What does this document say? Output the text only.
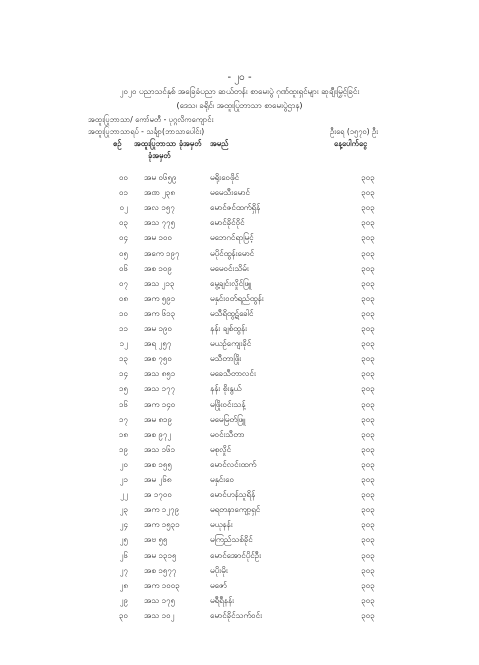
- ၂၀ -
၂၀၂၀ ပညာသင်နှစ် အခြေခံပညာ ဆယ်တန်း စာမေးပွဲ ဂုဏ်ထူးရှင်များ ဆုချီးမြှင့်ခြင်း
(ဒေသ၊ ခရိုင်၊ အထူးပြုဘာသာ စာမေးပွဲဌာန)
အထူးပြုဘာသာ/ ကော်မတီ - ပုဂ္ဂလိကကျောင်း
အထူးပြုဘာသာရပ် - သင်္ချာ(ဘာသာပေါင်း)	ဦးရေ (၁၅၇၀) ဦး
စဉ် အထူးပြုဘာသာ ခုံအမှတ်
ခုံအမှတ်
အမည်	နေ့ပေါက်ငွေ
၀၀ အမ ၀၆၅၉	မရိုးဝေဖိုင်	၃၀၃
၀၁ အဏ ၂၃၈	မမေသီးမောင်	၃၀၃
၀၂ အလ ၁၅၇	မောင်ဇင်ထက်ရှိန်	၃၀၃
၀၃ အသ ၇၇၅	မောင်ခိုင်ဝိုင်	၃၀၃
၀၄ အမ ၁၀၀	မဘေဂင်ရာမြင့်	၃၀၃
၀၅ အကေ ၁၉၇	မပိုင်ထွန်းမောင်	၃၀၃
၀၆ အစ ၁၀၉	မမေဝင်းသိမ်း	၃၀၃
၀၇ အသ ၂၁၃	မွေ့ချင်းလှိုင်ဖြူ	၃၀၃
၀၈ အက ၅၉၁	မနှင်းဝတ်ရည်ထွန်း	၃၀၃
၁၀ အက ၆၁၃	မသီရိထွဋ်ခေါင်	၃၀၃
၁၁ အမ ၁၉၀	နန်း ချစ်ထွန်း	၃၀၃
၁၂ အရ ၂၅၇	မယဉ်ကျေးခိုင်	၃၀၃
၁၃ အစ ၇၅၀	မသီတာဖြိုး	၃၀၃
၁၄ အသ ၈၅၁	မခေသီတာလင်း	၃၀၃
၁၅ အသ ၁၇၇	နန်း စိုးနွယ်	၃၀၃
၁၆ အက ၁၄၀	မဖြိုးဝင်းသန့်	၃၀၃
၁၇ အမ ၈၁၉	မမေမြတ်ဖြူ	၃၀၃
၁၈ အစ ၉၇၂	မဝင်းသီတာ	၃၀၃
၁၉ အသ ၁၆၁	မစုလှိုင်	၃၀၃
၂၀ အစ ၁၅၅	မောင်လင်းထက်	၃၀၃
၂၁ အမ ၂၆၈	မနှင်းဝေ	၃၀၃
၂၂ အ ၁၇၀၀	မောင်ဟန်သူရိန်	၃၀၃
၂၃ အက ၁၂၇၉	မရတနာကျော့ရှင်	၃၀၃
၂၄ အက ၁၅၃၁	မယုနန်း	၃၀၃
၂၅ အဗ ၅၅	မကြည်သစ်ခိုင်	၃၀၃
၂၆ အမ ၁၃၁၅	မောင်အောင်ပိုင်ဦး	၃၀၃
၂၇ အစ ၁၅၇၇	မပိုးမိုး	၃၀၃
၂၈ အက ၁၀၀၃	မဇော်	၃၀၃
၂၉ အသ ၁၇၅	မရီရီနန်း	၃၀၃
၃၀ အသ ၁၀၂	မောင်ခိုင်သက်ဝင်း	၃၀၃
